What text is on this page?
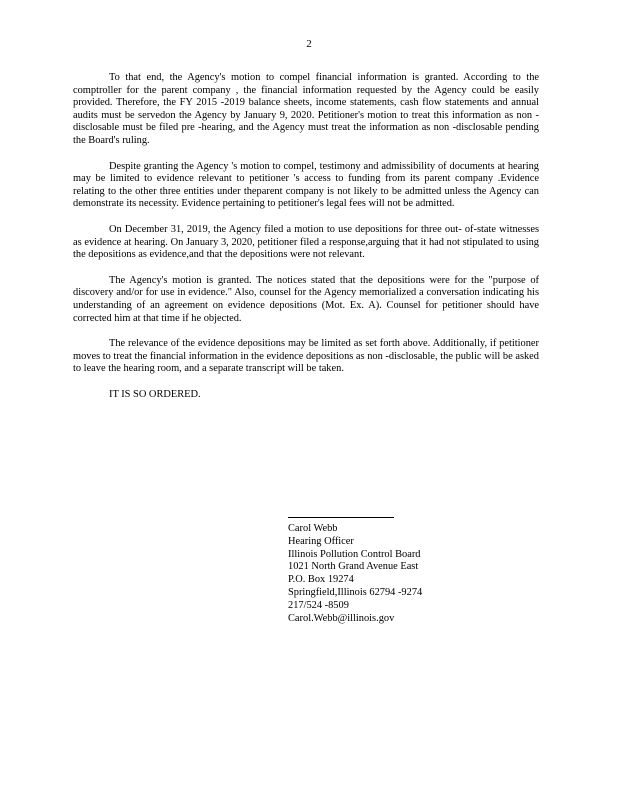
2

To that end, the Agency's motion to compel financial information is granted. According to the comptroller for the parent company , the financial information requested by the Agency could be easily provided. Therefore, the FY 2015 -2019 balance sheets, income statements, cash flow statements and annual audits must be servedon the Agency by January 9, 2020. Petitioner's motion to treat this information as non -disclosable must be filed pre -hearing, and the Agency must treat the information as non -disclosable pending the Board's ruling.

Despite granting the Agency 's motion to compel, testimony and admissibility of documents at hearing may be limited to evidence relevant to petitioner 's access to funding from its parent company .Evidence relating to the other three entities under theparent company is not likely to be admitted unless the Agency can demonstrate its necessity. Evidence pertaining to petitioner's legal fees will not be admitted.

On December 31, 2019, the Agency filed a motion to use depositions for three out- of-state witnesses as evidence at hearing. On January 3, 2020, petitioner filed a response,arguing that it had not stipulated to using the depositions as evidence,and that the depositions were not relevant.

The Agency's motion is granted. The notices stated that the depositions were for the "purpose of discovery and/or for use in evidence." Also, counsel for the Agency memorialized a conversation indicating his understanding of an agreement on evidence depositions (Mot. Ex. A). Counsel for petitioner should have corrected him at that time if he objected.

The relevance of the evidence depositions may be limited as set forth above. Additionally, if petitioner moves to treat the financial information in the evidence depositions as non -disclosable, the public will be asked to leave the hearing room, and a separate transcript will be taken.

IT IS SO ORDERED.

Carol Webb
Hearing Officer
Illinois Pollution Control Board
1021 North Grand Avenue East
P.O. Box 19274
Springfield,Illinois 62794 -9274
217/524 -8509
Carol.Webb@illinois.gov
